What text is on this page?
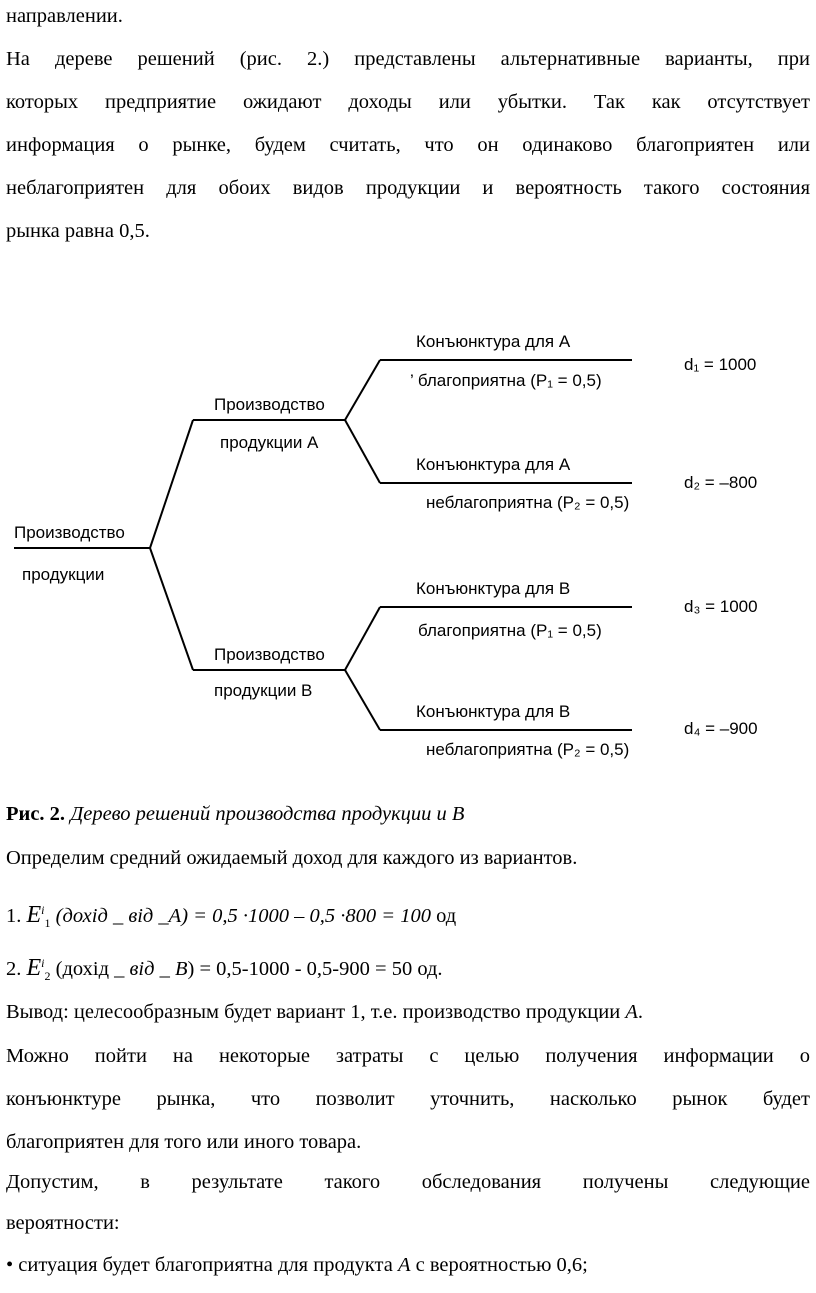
направлении.
На дереве решений (рис. 2.) представлены альтернативные варианты, при
которых предприятие ожидают доходы или убытки. Так как отсутствует
информация о рынке, будем считать, что он одинаково благоприятен или
неблагоприятен для обоих видов продукции и вероятность такого состояния
рынка равна 0,5.
Производство
продукции
Производство
продукции А
Производство
продукции В
Конъюнктура для А
’ благоприятна (P₁ = 0,5)
Конъюнктура для А
неблагоприятна (P₂ = 0,5)
Конъюнктура для В
благоприятна (P₁ = 0,5)
Конъюнктура для В
неблагоприятна (P₂ = 0,5)
d₁ = 1000
d₂ = –800
d₃ = 1000
d₄ = –900
Рис. 2. Дерево решений производства продукции и В
Определим средний ожидаемый доход для каждого из вариантов.
1. $E^i_1$ (дохід _ від _А) = 0,5 ·1000 – 0,5 ·800 = 100 од
2. $E^i_2$ (дохід _ від _ В) = 0,5-1000 - 0,5-900 = 50 од.
Вывод: целесообразным будет вариант 1, т.е. производство продукции А.
Можно пойти на некоторые затраты с целью получения информации о
конъюнктуре рынка, что позволит уточнить, насколько рынок будет
благоприятен для того или иного товара.
Допустим, в результате такого обследования получены следующие
вероятности:
• ситуация будет благоприятна для продукта А с вероятностью 0,6;
